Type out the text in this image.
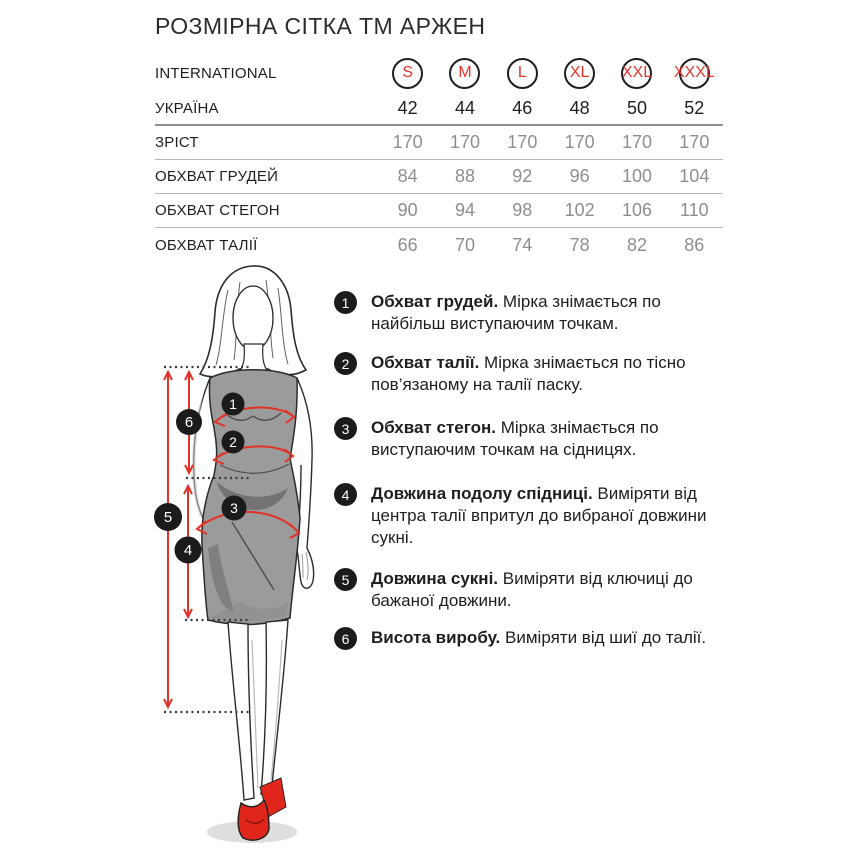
РОЗМІРНА СІТКА ТМ АРЖЕН
INTERNATIONAL	S	M	L	XL	XXL XXXL
УКРАЇНА	42	44	46	48	50	52
ЗРІСТ	170	170	170	170	170	170
ОБХВАТ ГРУДЕЙ	84	88	92	96	100	104
ОБХВАТ СТЕГОН	90	94	98	102	106	110
ОБХВАТ ТАЛІЇ	66	70	74	78	82	86
1
2
3
4
5
6
1	Обхват грудей. Мірка знімається по найбільш виступаючим точкам.
2	Обхват талії. Мірка знімається по тісно пов’язаному на талії паску.
3	Обхват стегон. Мірка знімається по виступаючим точкам на сідницях.
4	Довжина подолу спідниці. Виміряти від центра талії впритул до вибраної довжини сукні.
5	Довжина сукні. Виміряти від ключиці до бажаної довжини.
6	Висота виробу. Виміряти від шиї до талії.
